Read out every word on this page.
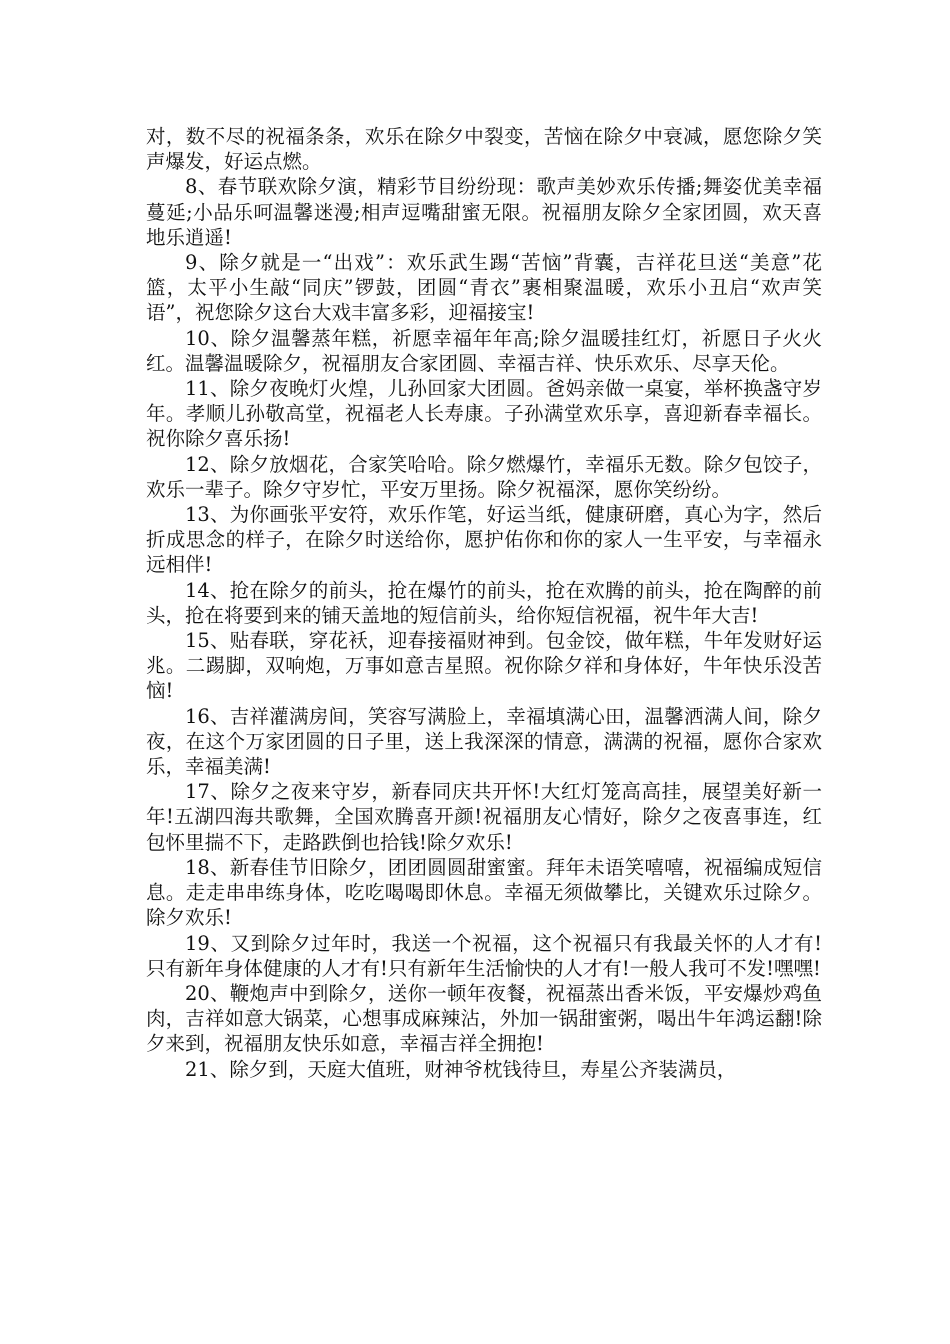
对，数不尽的祝福条条，欢乐在除夕中裂变，苦恼在除夕中衰减，愿您除夕笑声爆发，好运点燃。

8、春节联欢除夕演，精彩节目纷纷现：歌声美妙欢乐传播;舞姿优美幸福蔓延;小品乐呵温馨迷漫;相声逗嘴甜蜜无限。祝福朋友除夕全家团圆，欢天喜地乐逍遥!

9、除夕就是一“出戏”：欢乐武生踢“苦恼”背囊，吉祥花旦送“美意”花篮，太平小生敲“同庆”锣鼓，团圆“青衣”裹相聚温暖，欢乐小丑启“欢声笑语”，祝您除夕这台大戏丰富多彩，迎福接宝!

10、除夕温馨蒸年糕，祈愿幸福年年高;除夕温暖挂红灯，祈愿日子火火红。温馨温暖除夕，祝福朋友合家团圆、幸福吉祥、快乐欢乐、尽享天伦。

11、除夕夜晚灯火煌，儿孙回家大团圆。爸妈亲做一桌宴，举杯换盏守岁年。孝顺儿孙敬高堂，祝福老人长寿康。子孙满堂欢乐享，喜迎新春幸福长。祝你除夕喜乐扬!

12、除夕放烟花，合家笑哈哈。除夕燃爆竹，幸福乐无数。除夕包饺子，欢乐一辈子。除夕守岁忙，平安万里扬。除夕祝福深，愿你笑纷纷。

13、为你画张平安符，欢乐作笔，好运当纸，健康研磨，真心为字，然后折成思念的样子，在除夕时送给你，愿护佑你和你的家人一生平安，与幸福永远相伴!

14、抢在除夕的前头，抢在爆竹的前头，抢在欢腾的前头，抢在陶醉的前头，抢在将要到来的铺天盖地的短信前头，给你短信祝福，祝牛年大吉!

15、贴春联，穿花袄，迎春接福财神到。包金饺，做年糕，牛年发财好运兆。二踢脚，双响炮，万事如意吉星照。祝你除夕祥和身体好，牛年快乐没苦恼!

16、吉祥灌满房间，笑容写满脸上，幸福填满心田，温馨洒满人间，除夕夜，在这个万家团圆的日子里，送上我深深的情意，满满的祝福，愿你合家欢乐，幸福美满!

17、除夕之夜来守岁，新春同庆共开怀!大红灯笼高高挂，展望美好新一年!五湖四海共歌舞，全国欢腾喜开颜!祝福朋友心情好，除夕之夜喜事连，红包怀里揣不下，走路跌倒也拾钱!除夕欢乐!

18、新春佳节旧除夕，团团圆圆甜蜜蜜。拜年未语笑嘻嘻，祝福编成短信息。走走串串练身体，吃吃喝喝即休息。幸福无须做攀比，关键欢乐过除夕。除夕欢乐!

19、又到除夕过年时，我送一个祝福，这个祝福只有我最关怀的人才有!只有新年身体健康的人才有!只有新年生活愉快的人才有!一般人我可不发!嘿嘿!

20、鞭炮声中到除夕，送你一顿年夜餐，祝福蒸出香米饭，平安爆炒鸡鱼肉，吉祥如意大锅菜，心想事成麻辣沾，外加一锅甜蜜粥，喝出牛年鸿运翻!除夕来到，祝福朋友快乐如意，幸福吉祥全拥抱!

21、除夕到，天庭大值班，财神爷枕钱待旦，寿星公齐装满员，
